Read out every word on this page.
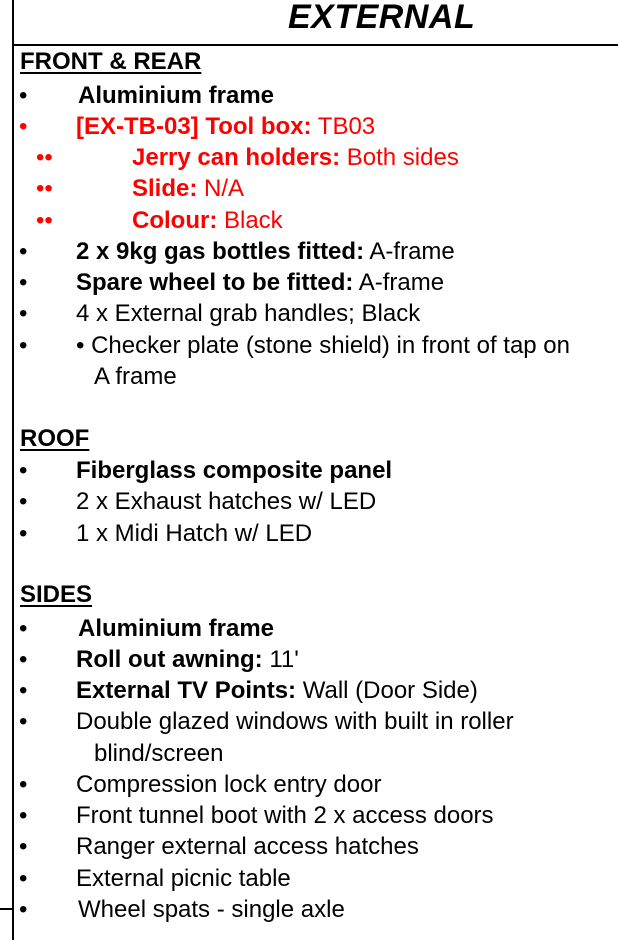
EXTERNAL
FRONT & REAR
• Aluminium frame
• [EX-TB-03] Tool box: TB03
••	Jerry can holders: Both sides
••	Slide: N/A
••	Colour: Black
• 2 x 9kg gas bottles fitted: A-frame
• Spare wheel to be fitted: A-frame
• 4 x External grab handles; Black
• • Checker plate (stone shield) in front of tap on
A frame
ROOF
• Fiberglass composite panel
• 2 x Exhaust hatches w/ LED
• 1 x Midi Hatch w/ LED
SIDES
• Aluminium frame
• Roll out awning: 11'
• External TV Points: Wall (Door Side)
• Double glazed windows with built in roller
blind/screen
• Compression lock entry door
• Front tunnel boot with 2 x access doors
• Ranger external access hatches
• External picnic table
• Wheel spats - single axle
